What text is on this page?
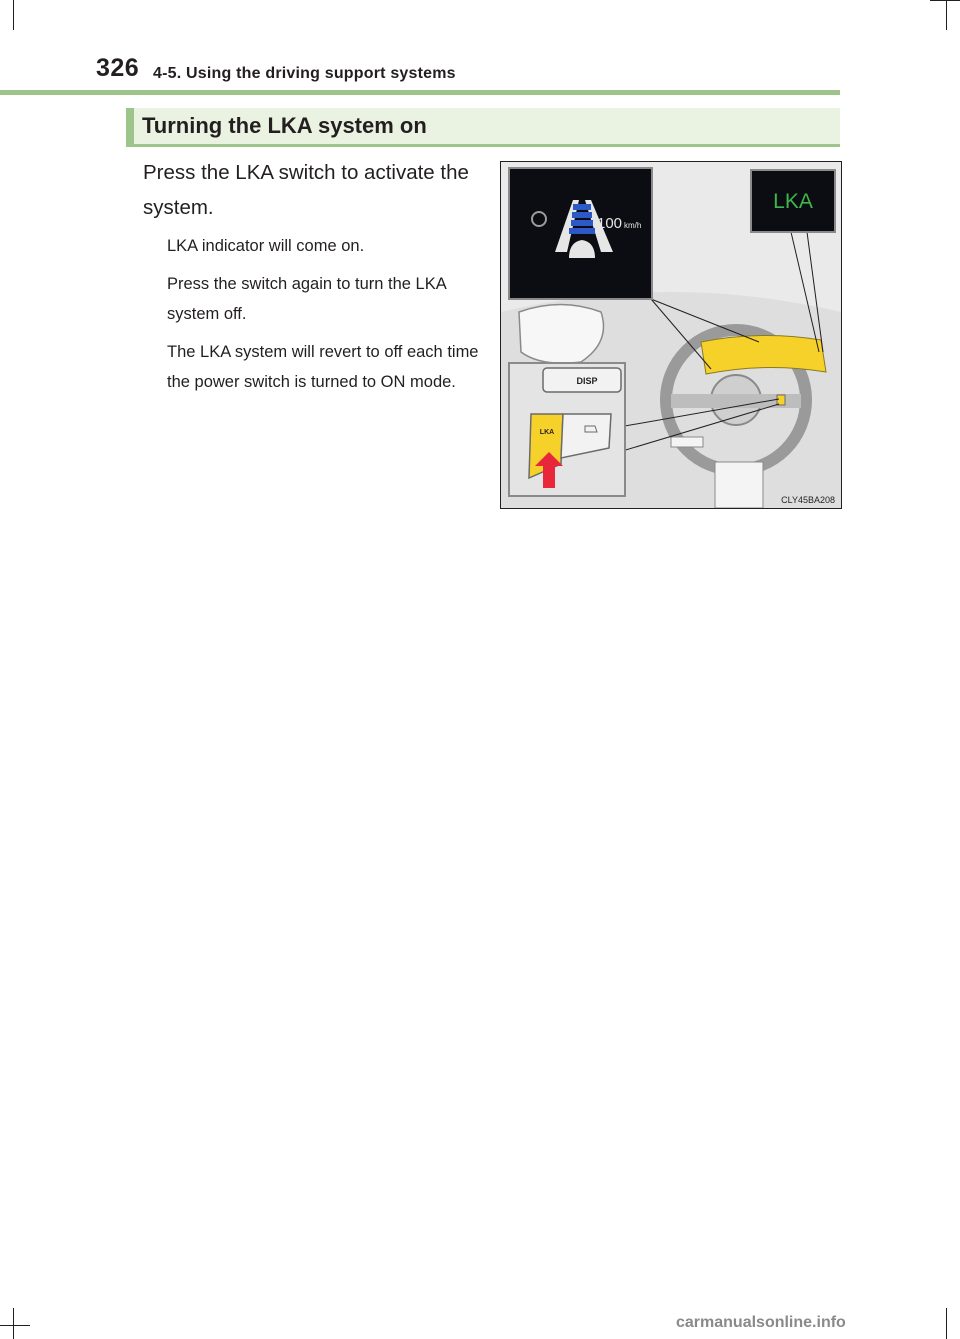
326 4-5. Using the driving support systems
Turning the LKA system on

Press the LKA switch to activate the system.

LKA indicator will come on.

Press the switch again to turn the LKA system off.

The LKA system will revert to off each time the power switch is turned to ON mode.

100 km/h
LKA
DISP
LKA
CLY45BA208
carmanualsonline.info
